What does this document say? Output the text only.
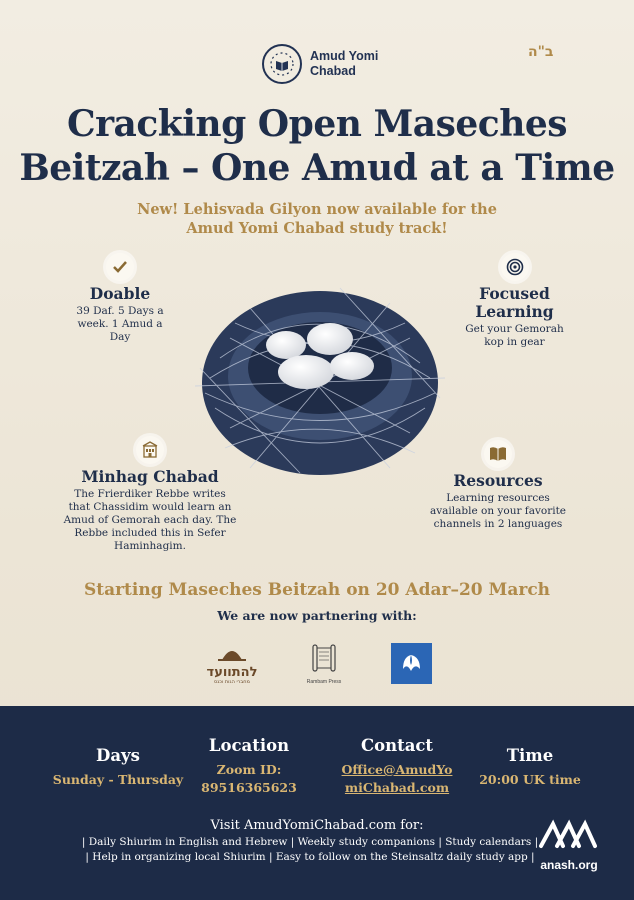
Amud Yomi Chabad
ב"ה
Cracking Open Maseches
Beitzah – One Amud at a Time
New! Lehisvada Gilyon now available for the
Amud Yomi Chabad study track!
Doable
39 Daf. 5 Days a week. 1 Amud a Day
Focused Learning
Get your Gemorah kop in gear
Minhag Chabad
The Frierdiker Rebbe writes that Chassidim would learn an Amud of Gemorah each day. The Rebbe included this in Sefer Haminhagim.
Resources
Learning resources available on your favorite channels in 2 languages
Starting Maseches Beitzah on 20 Adar–20 March
We are now partnering with:
להתוועד
מחברי הגות וכנס	Rambam Press
Days
Sunday - Thursday
Location
Zoom ID:
89516365623
Contact
Office@AmudYo
miChabad.com
Time
20:00 UK time
Visit AmudYomiChabad.com for:
| Daily Shiurim in English and Hebrew | Weekly study companions | Study calendars |
| Help in organizing local Shiurim | Easy to follow on the Steinsaltz daily study app |
anash.org
